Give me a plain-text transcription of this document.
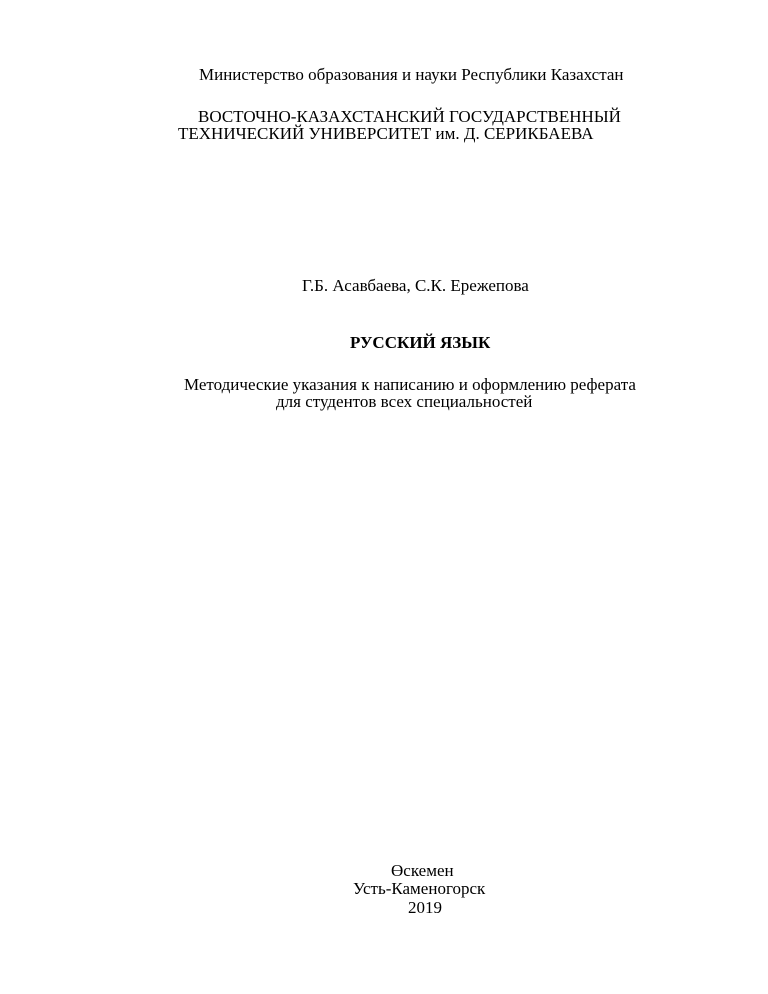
Министерство образования и науки Республики Казахстан
ВОСТОЧНО-КАЗАХСТАНСКИЙ ГОСУДАРСТВЕННЫЙ
ТЕХНИЧЕСКИЙ УНИВЕРСИТЕТ им. Д. СЕРИКБАЕВА
Г.Б. Асавбаева, С.К. Ережепова
РУССКИЙ ЯЗЫК
Методические указания к написанию и оформлению реферата
для студентов всех специальностей
Өскемен
Усть-Каменогорск
2019
